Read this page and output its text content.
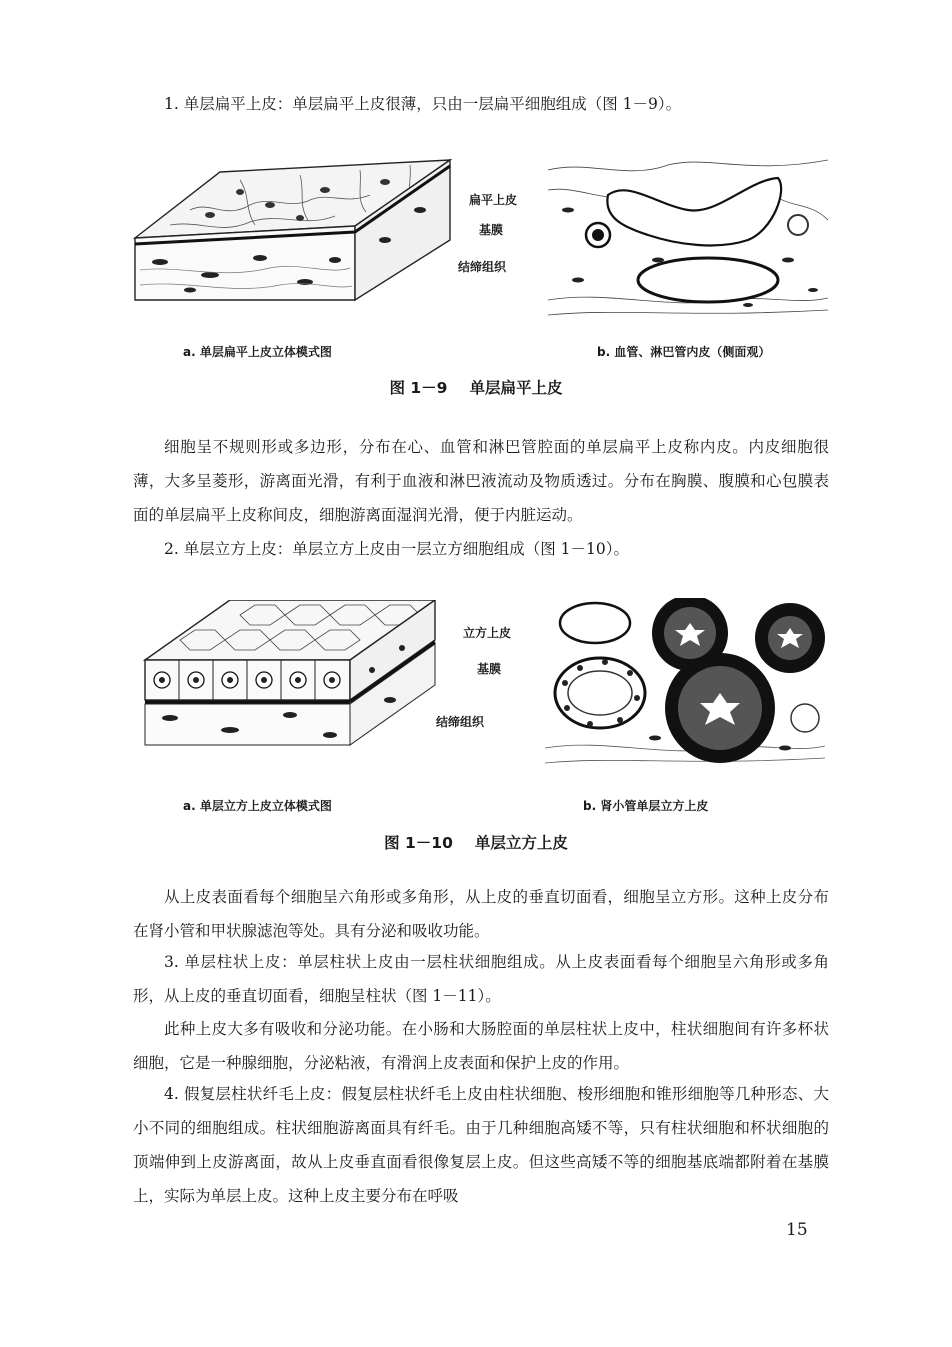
1. 单层扁平上皮：单层扁平上皮很薄，只由一层扁平细胞组成（图 1－9）。

扁平上皮
基膜
结缔组织
a. 单层扁平上皮立体模式图	b. 血管、淋巴管内皮（侧面观）
图 1－9 单层扁平上皮

细胞呈不规则形或多边形，分布在心、血管和淋巴管腔面的单层扁平上皮称内皮。内皮细胞很薄，大多呈菱形，游离面光滑，有利于血液和淋巴液流动及物质透过。分布在胸膜、腹膜和心包膜表面的单层扁平上皮称间皮，细胞游离面湿润光滑，便于内脏运动。

2. 单层立方上皮：单层立方上皮由一层立方细胞组成（图 1－10）。

立方上皮
基膜
结缔组织
a. 单层立方上皮立体模式图	b. 肾小管单层立方上皮
图 1－10 单层立方上皮

从上皮表面看每个细胞呈六角形或多角形，从上皮的垂直切面看，细胞呈立方形。这种上皮分布在肾小管和甲状腺滤泡等处。具有分泌和吸收功能。

3. 单层柱状上皮：单层柱状上皮由一层柱状细胞组成。从上皮表面看每个细胞呈六角形或多角形，从上皮的垂直切面看，细胞呈柱状（图 1－11）。

此种上皮大多有吸收和分泌功能。在小肠和大肠腔面的单层柱状上皮中，柱状细胞间有许多杯状细胞，它是一种腺细胞，分泌粘液，有滑润上皮表面和保护上皮的作用。

4. 假复层柱状纤毛上皮：假复层柱状纤毛上皮由柱状细胞、梭形细胞和锥形细胞等几种形态、大小不同的细胞组成。柱状细胞游离面具有纤毛。由于几种细胞高矮不等，只有柱状细胞和杯状细胞的顶端伸到上皮游离面，故从上皮垂直面看很像复层上皮。但这些高矮不等的细胞基底端都附着在基膜上，实际为单层上皮。这种上皮主要分布在呼吸

15
